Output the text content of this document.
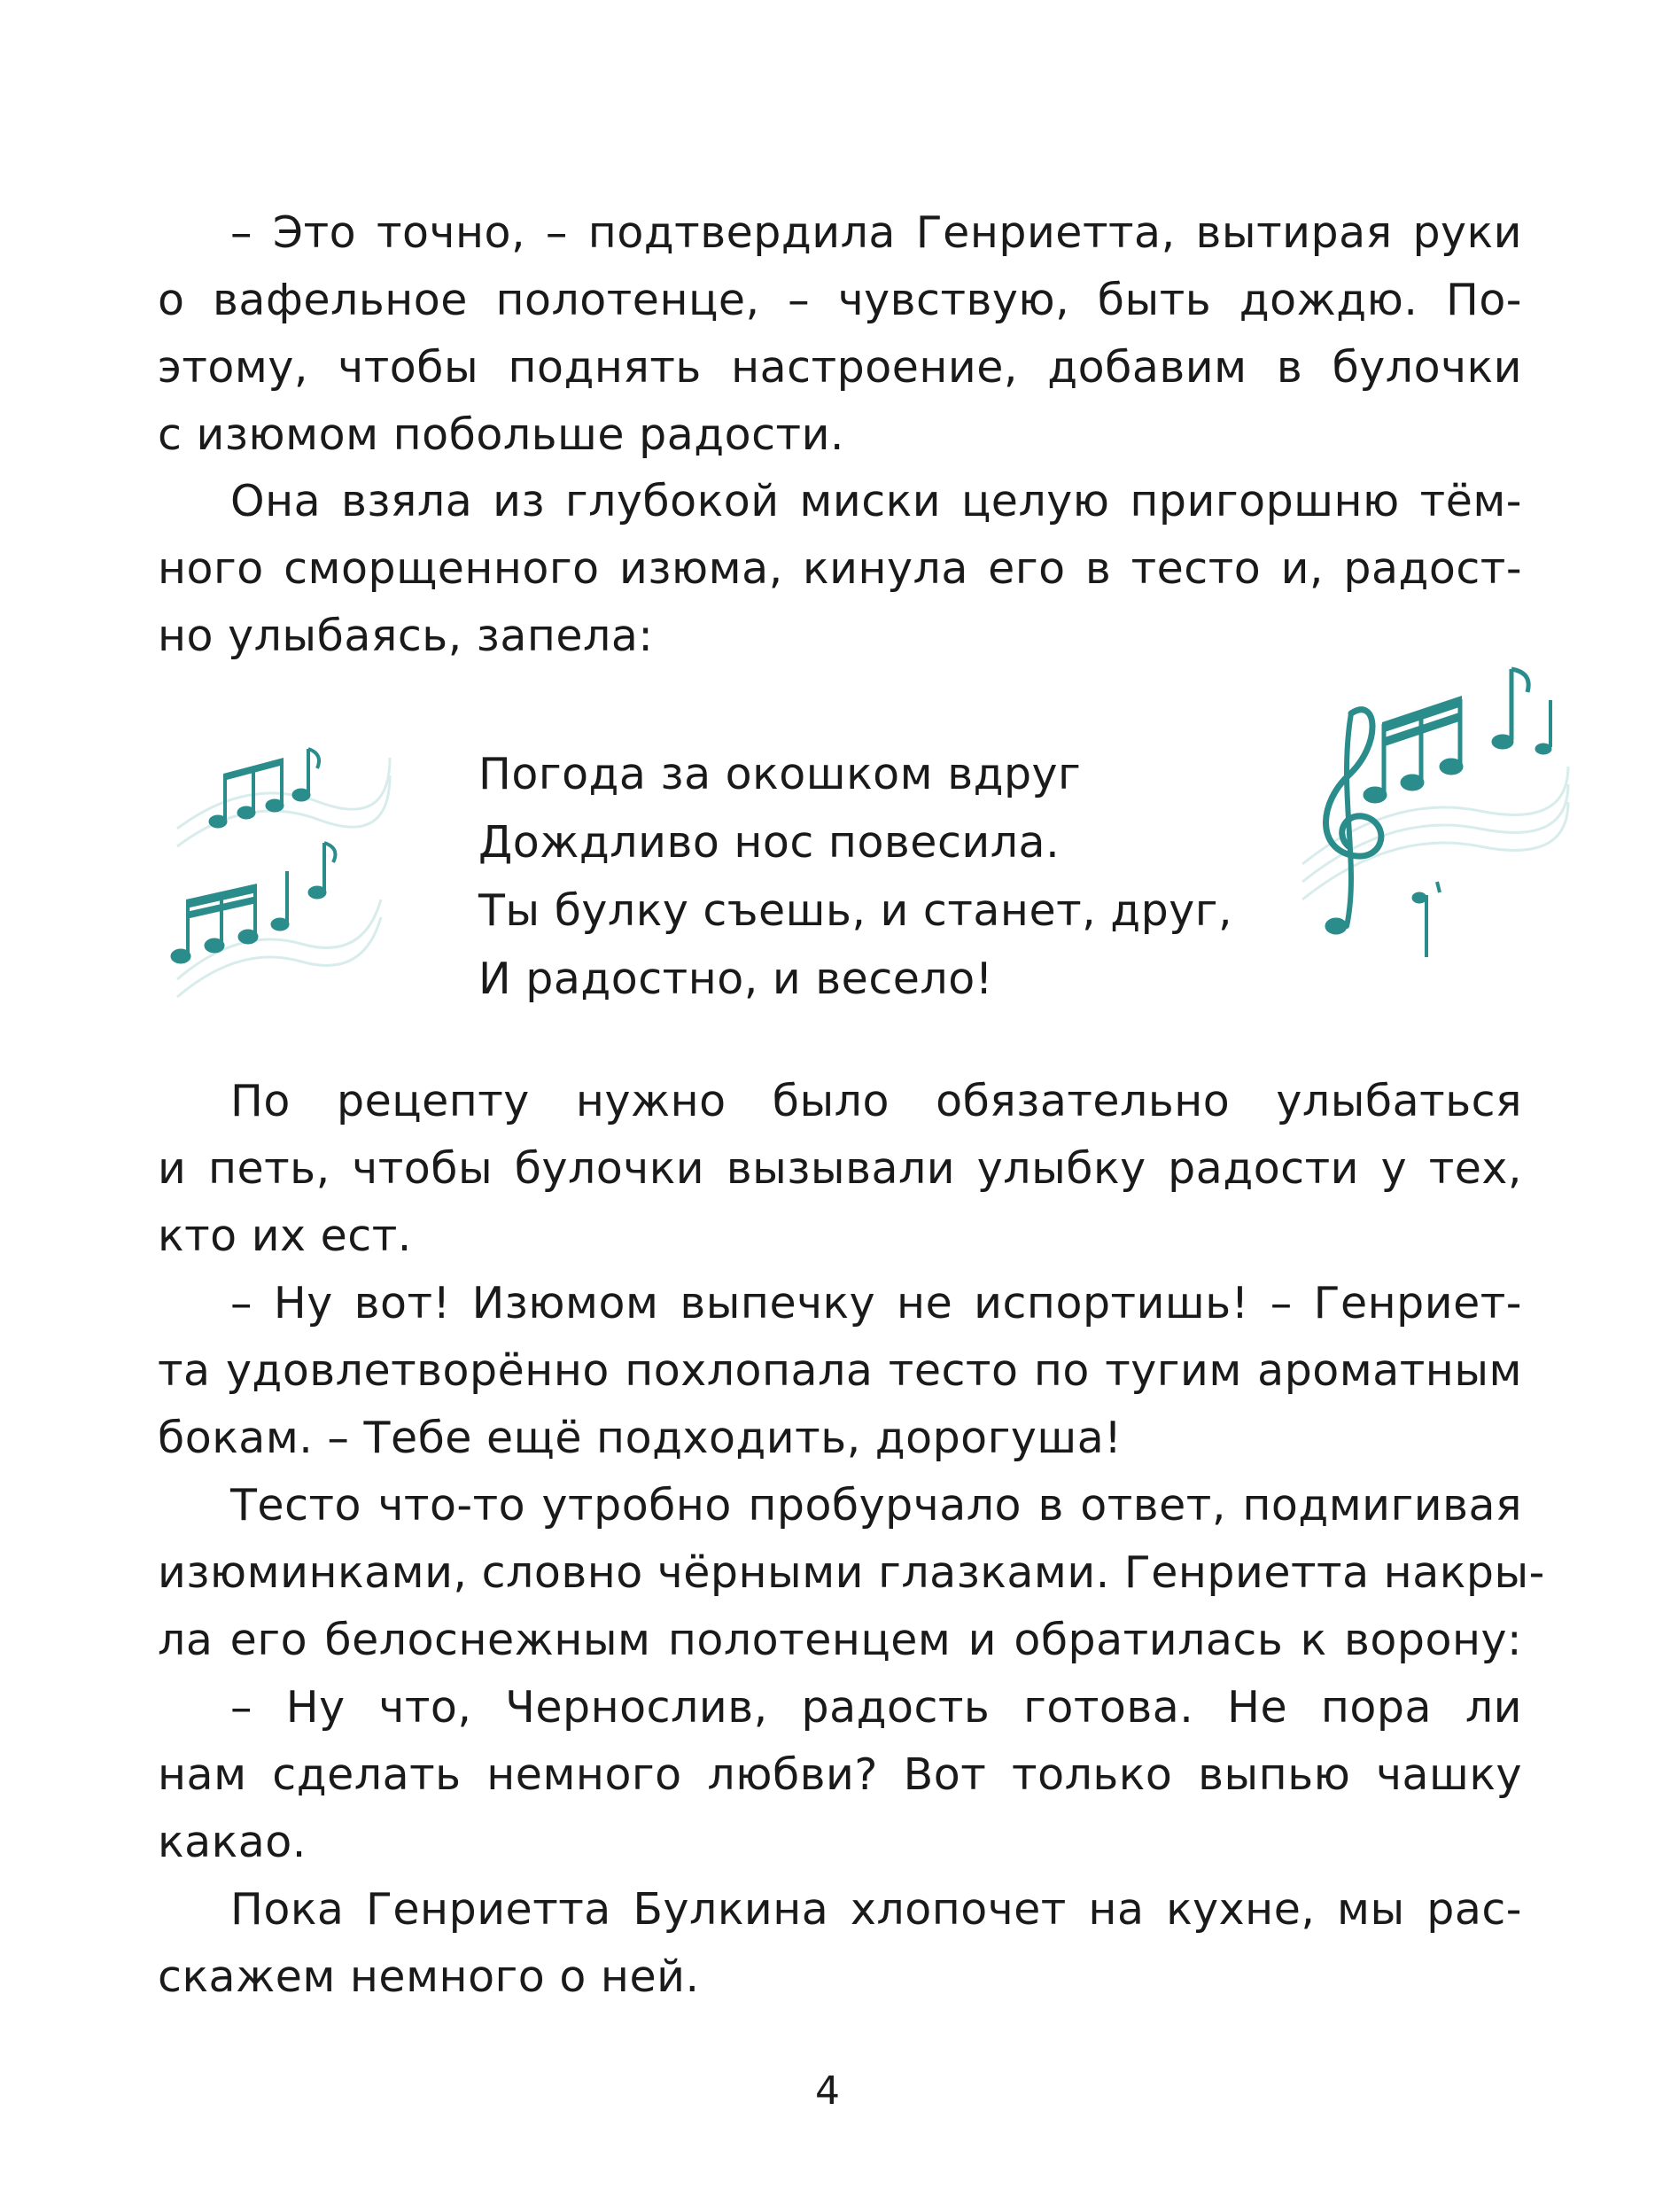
– Это точно, – подтвердила Генриетта, вытирая руки
о вафельное полотенце, – чувствую, быть дождю. По-
этому, чтобы поднять настроение, добавим в булочки
с изюмом побольше радости.

Она взяла из глубокой миски целую пригоршню тём-
ного сморщенного изюма, кинула его в тесто и, радост-
но улыбаясь, запела:

Погода за окошком вдруг
Дождливо нос повесила.
Ты булку съешь, и станет, друг,
И радостно, и весело!

По рецепту нужно было обязательно улыбаться
и петь, чтобы булочки вызывали улыбку радости у тех,
кто их ест.

– Ну вот! Изюмом выпечку не испортишь! – Генриет-
та удовлетворённо похлопала тесто по тугим ароматным
бокам. – Тебе ещё подходить, дорогуша!

Тесто что-то утробно пробурчало в ответ, подмигивая
изюминками, словно чёрными глазками. Генриетта накры-
ла его белоснежным полотенцем и обратилась к ворону:

– Ну что, Чернослив, радость готова. Не пора ли
нам сделать немного любви? Вот только выпью чашку
какао.

Пока Генриетта Булкина хлопочет на кухне, мы рас-
скажем немного о ней.

4
